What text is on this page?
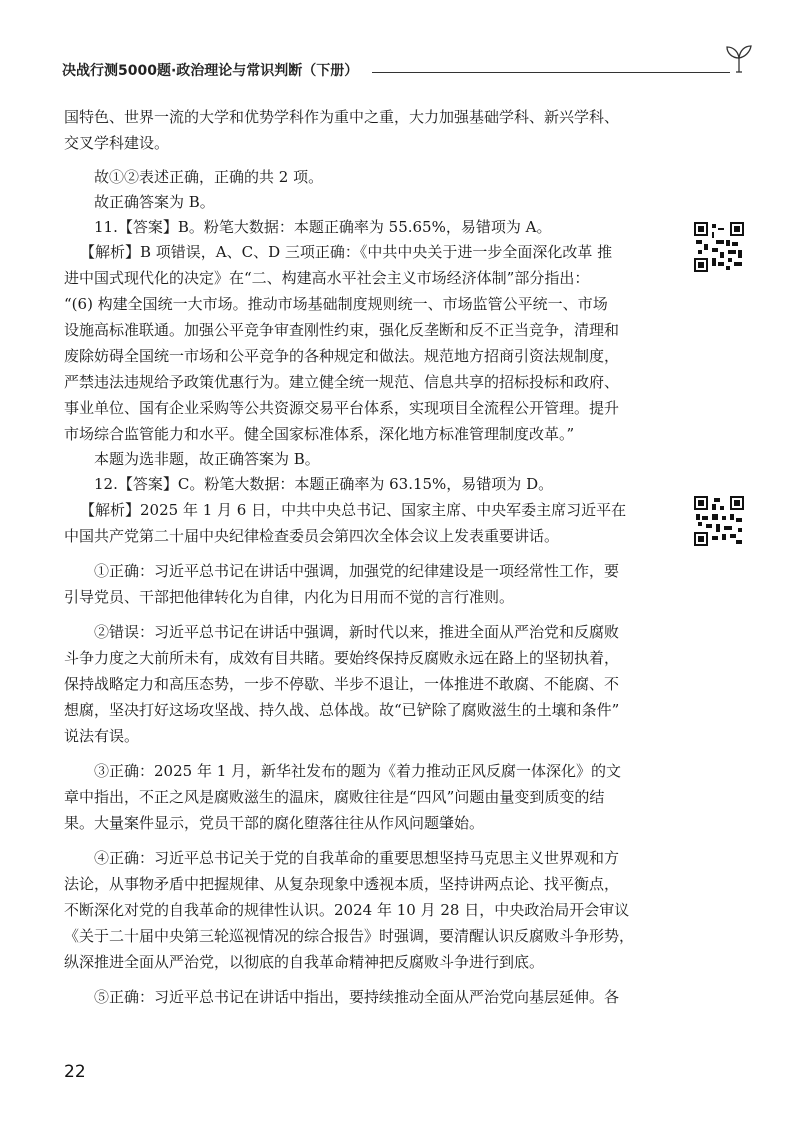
决战行测5000题·政治理论与常识判断（下册）
国特色、世界一流的大学和优势学科作为重中之重，大力加强基础学科、新兴学科、
交叉学科建设。
故①②表述正确，正确的共 2 项。
故正确答案为 B。
11.【答案】B。粉笔大数据：本题正确率为 55.65%，易错项为 A。
【解析】B 项错误，A、C、D 三项正确：《中共中央关于进一步全面深化改革 推
进中国式现代化的决定》在“二、构建高水平社会主义市场经济体制”部分指出：
“(6) 构建全国统一大市场。推动市场基础制度规则统一、市场监管公平统一、市场
设施高标准联通。加强公平竞争审查刚性约束，强化反垄断和反不正当竞争，清理和
废除妨碍全国统一市场和公平竞争的各种规定和做法。规范地方招商引资法规制度，
严禁违法违规给予政策优惠行为。建立健全统一规范、信息共享的招标投标和政府、
事业单位、国有企业采购等公共资源交易平台体系，实现项目全流程公开管理。提升
市场综合监管能力和水平。健全国家标准体系，深化地方标准管理制度改革。”
本题为选非题，故正确答案为 B。
12.【答案】C。粉笔大数据：本题正确率为 63.15%，易错项为 D。
【解析】2025 年 1 月 6 日，中共中央总书记、国家主席、中央军委主席习近平在
中国共产党第二十届中央纪律检查委员会第四次全体会议上发表重要讲话。
①正确：习近平总书记在讲话中强调，加强党的纪律建设是一项经常性工作，要
引导党员、干部把他律转化为自律，内化为日用而不觉的言行准则。
②错误：习近平总书记在讲话中强调，新时代以来，推进全面从严治党和反腐败
斗争力度之大前所未有，成效有目共睹。要始终保持反腐败永远在路上的坚韧执着，
保持战略定力和高压态势，一步不停歇、半步不退让，一体推进不敢腐、不能腐、不
想腐，坚决打好这场攻坚战、持久战、总体战。故“已铲除了腐败滋生的土壤和条件”
说法有误。
③正确：2025 年 1 月，新华社发布的题为《着力推动正风反腐一体深化》的文
章中指出，不正之风是腐败滋生的温床，腐败往往是“四风”问题由量变到质变的结
果。大量案件显示，党员干部的腐化堕落往往从作风问题肇始。
④正确：习近平总书记关于党的自我革命的重要思想坚持马克思主义世界观和方
法论，从事物矛盾中把握规律、从复杂现象中透视本质，坚持讲两点论、找平衡点，
不断深化对党的自我革命的规律性认识。2024 年 10 月 28 日，中央政治局开会审议
《关于二十届中央第三轮巡视情况的综合报告》时强调，要清醒认识反腐败斗争形势，
纵深推进全面从严治党，以彻底的自我革命精神把反腐败斗争进行到底。
⑤正确：习近平总书记在讲话中指出，要持续推动全面从严治党向基层延伸。各
22
